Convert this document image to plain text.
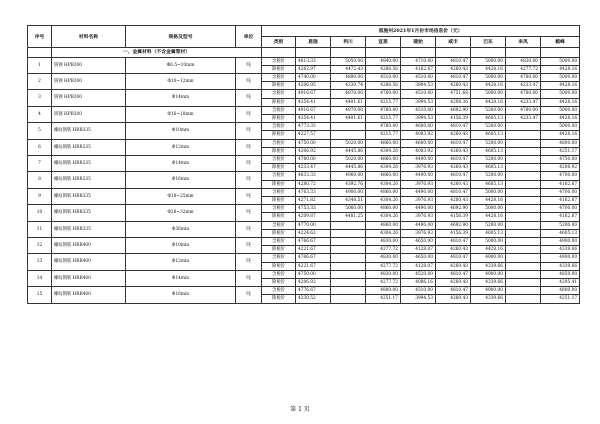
序号	材料名称	规格及型号	单位	恩施州2021年1月份市场信息价（元）								
				类别	恩施	利川	宣恩	建始	咸丰	巴东	来凤	鹤峰
	一、金属材料（不含金属管材）											
1	圆钢 HPB300	Φ6.5~10mm	吨	含税价	4813.33	5050.00	4940.00	4710.00	4810.47	5000.00	4830.00	5000.00
				除税价	4262.97	4472.43	4286.56	4162.67	4260.43	4428.16	4277.72	4428.16
2	圆钢 HPB300	Φ10~12mm	吨	含税价	4740.00	4890.00	4510.00	4510.00	4810.47	5000.00	4780.00	5000.00
				除税价	4206.95	4330.74	4286.56	3994.53	4260.43	4428.16	4233.47	4428.16
3	圆钢 HPB300	Φ14mm	吨	含税价	4916.67	4970.00	4760.00	4510.00	4751.68	5000.00	4780.00	5000.00
				除税价	4354.41	4401.61	4215.77	3994.53	4208.36	4428.16	4233.47	4428.16
4	圆钢 HPB300	Φ16~18mm	吨	含税价	4916.67	4970.00	4760.00	4510.00	4692.90	5200.00	4780.00	5000.00
				除税价	4354.41	4401.61	4215.77	3994.53	4156.39	4605.13	4233.47	4428.16
5	螺纹钢筋 HRB335	Φ10mm	吨	含税价	4773.33		4760.00	4600.00	4810.47	5200.00		5000.00
				除税价	4227.57		4215.77	4083.92	4260.43	4605.13		4428.16
6	螺纹钢筋 HRB335	Φ12mm	吨	含税价	4750.00	5020.00	4860.00	4600.00	4810.47	5200.00		4800.00
				除税价	4206.92	4445.86	4304.26	4083.92	4260.43	4605.13		4251.17
7	螺纹钢筋 HRB335	Φ14mm	吨	含税价	4780.00	5020.00	4860.00	4490.00	4810.47	5200.00		4750.00
				除税价	4233.47	4445.86	4304.26	3976.93	4260.43	4605.13		4206.92
8	螺纹钢筋 HRB335	Φ16mm	吨	含税价	4833.33	4960.00	4860.00	4490.00	4810.47	5200.00		4700.00
				除税价	4280.72	4392.76	4304.26	3976.93	4260.43	4605.13		4162.67
9	螺纹钢筋 HRB335	Φ18~25mm	吨	含税价	4763.33	4900.00	4860.00	4490.00	4810.47	5000.00		4700.00
				除税价	4271.82	4348.51	4304.26	3976.93	4260.43	4428.16		4162.67
10	螺纹钢筋 HRB335	Φ28~32mm	吨	含税价	4753.33	5060.00	4860.00	4490.00	4692.90	5000.00		4700.00
				除税价	4209.87	4481.25	4304.26	3976.93	4156.39	4428.16		4162.67
11	螺纹钢筋 HRB335	Φ36mm	吨	含税价	4770.00		4860.00	4490.00	4692.90	5200.00		5200.00
				除税价	4224.62		4304.26	3976.93	4156.39	4605.13		4605.13
12	螺纹钢筋 HRB400	Φ10mm	吨	含税价	4766.67		4830.00	4650.00	4810.47	5000.00		4900.00
				除税价	4221.67		4277.72	4128.07	4260.43	4428.16		4339.66
13	螺纹钢筋 HRB400	Φ12mm	吨	含税价	4766.67		4830.00	4650.00	4810.47	4900.00		4900.00
				除税价	4221.67		4277.72	4128.07	4260.43	4339.66		4339.66
14	螺纹钢筋 HRB400	Φ14mm	吨	含税价	4750.00		4830.00	4520.00	4810.47	4900.00		4850.00
				除税价	4206.92		4277.72	4086.16	4260.43	4339.66		4295.41
15	螺纹钢筋 HRB400	Φ16mm	吨	含税价	4776.67		4800.00	4510.00	4810.47	4900.00		4800.00
				除税价	4230.52		4251.17	3994.53	4260.43	4339.66		4251.17
第 1 页
